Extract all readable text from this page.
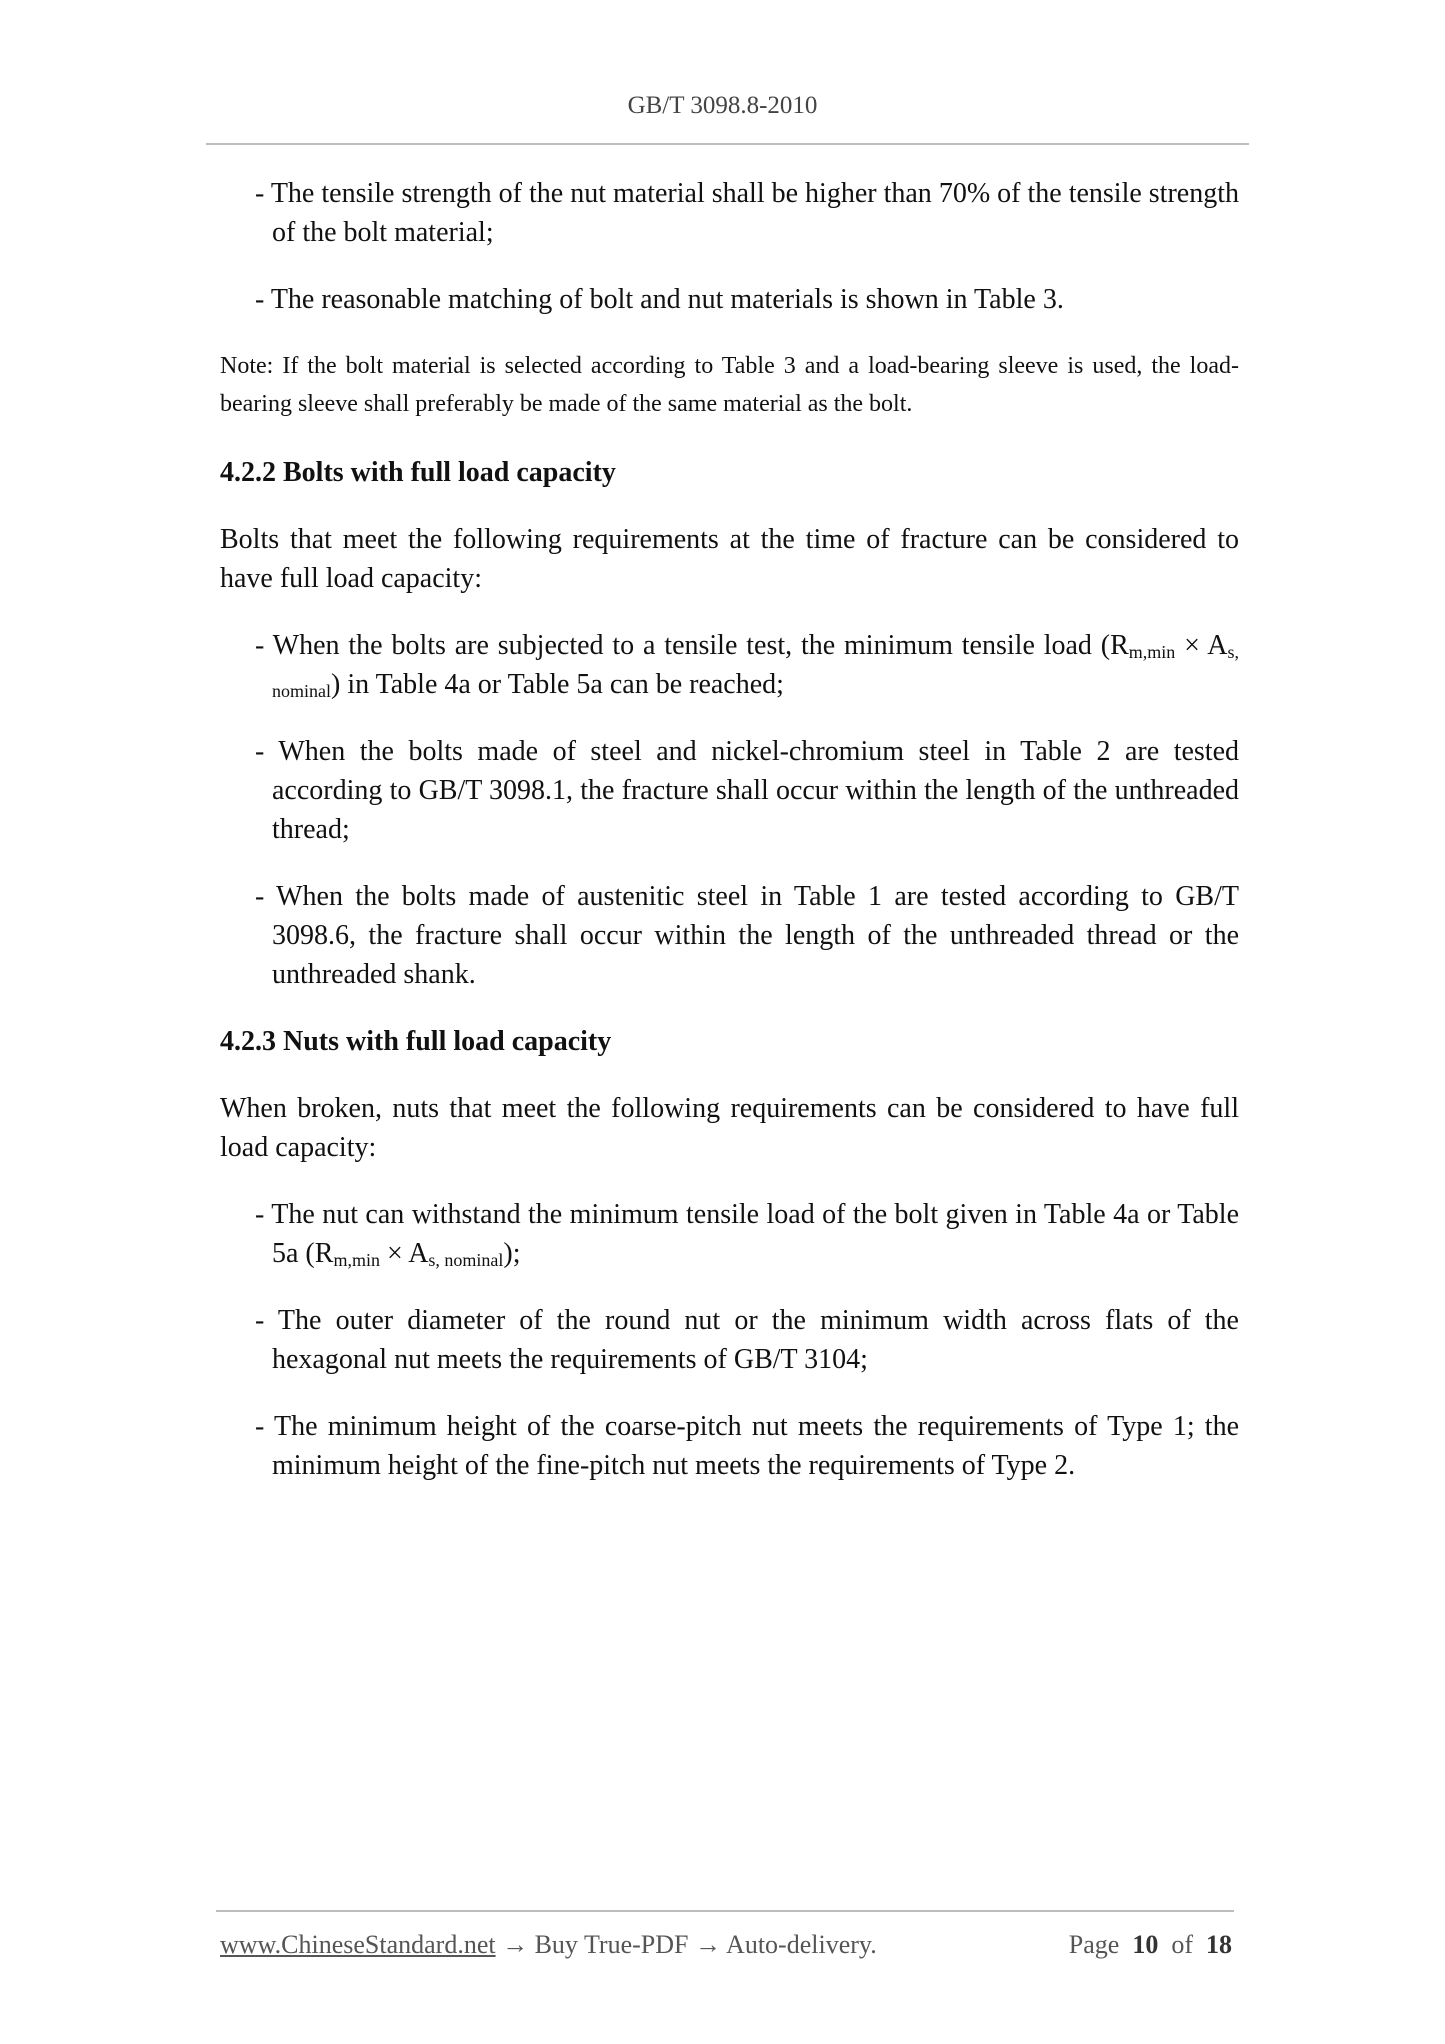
GB/T 3098.8-2010

- The tensile strength of the nut material shall be higher than 70% of the tensile strength of the bolt material;

- The reasonable matching of bolt and nut materials is shown in Table 3.

Note: If the bolt material is selected according to Table 3 and a load-bearing sleeve is used, the load-bearing sleeve shall preferably be made of the same material as the bolt.

4.2.2 Bolts with full load capacity

Bolts that meet the following requirements at the time of fracture can be considered to have full load capacity:

- When the bolts are subjected to a tensile test, the minimum tensile load $(R_{m,min} \times A_{s, nominal})$ in Table 4a or Table 5a can be reached;

- When the bolts made of steel and nickel-chromium steel in Table 2 are tested according to GB/T 3098.1, the fracture shall occur within the length of the unthreaded thread;

- When the bolts made of austenitic steel in Table 1 are tested according to GB/T 3098.6, the fracture shall occur within the length of the unthreaded thread or the unthreaded shank.

4.2.3 Nuts with full load capacity

When broken, nuts that meet the following requirements can be considered to have full load capacity:

- The nut can withstand the minimum tensile load of the bolt given in Table 4a or Table 5a $(R_{m,min} \times A_{s, nominal})$;

- The outer diameter of the round nut or the minimum width across flats of the hexagonal nut meets the requirements of GB/T 3104;

- The minimum height of the coarse-pitch nut meets the requirements of Type 1; the minimum height of the fine-pitch nut meets the requirements of Type 2.

www.ChineseStandard.net → Buy True-PDF → Auto-delivery.	Page 10 of 18
